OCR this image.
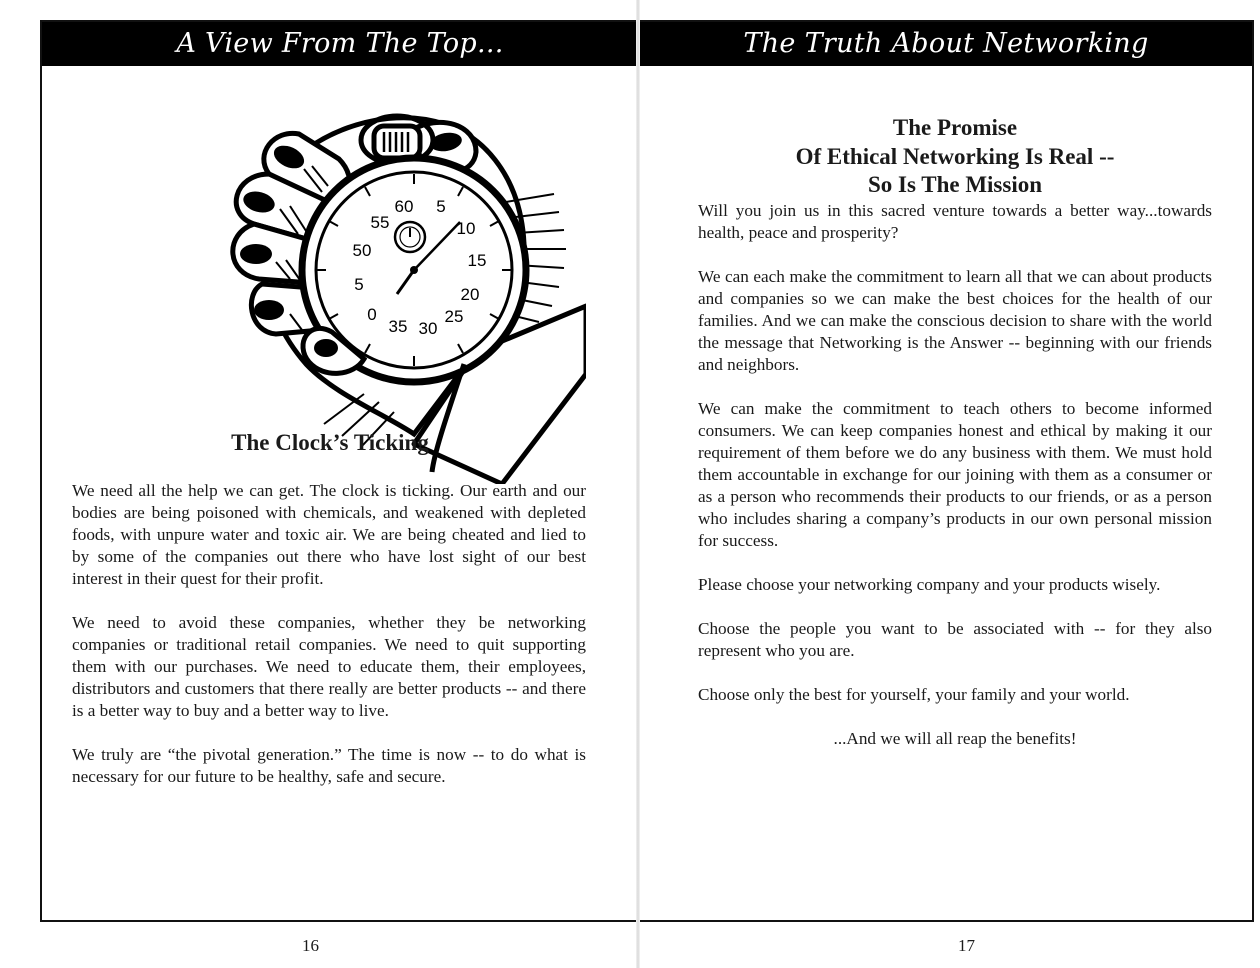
A View From The Top...
60 5
10
15
20
25
30
35
0
5
50
55
The Clock’s Ticking

We need all the help we can get. The clock is ticking. Our earth and our bodies are being poisoned with chemicals, and weakened with depleted foods, with unpure water and toxic air. We are being cheated and lied to by some of the companies out there who have lost sight of our best interest in their quest for their profit.

We need to avoid these companies, whether they be networking companies or traditional retail companies. We need to quit supporting them with our purchases. We need to educate them, their employees, distributors and customers that there really are better products -- and there is a better way to buy and a better way to live.

We truly are “the pivotal generation.” The time is now -- to do what is necessary for our future to be healthy, safe and secure.

16
The Truth About Networking
The Promise
Of Ethical Networking Is Real --
So Is The Mission

Will you join us in this sacred venture towards a better way...towards health, peace and prosperity?

We can each make the commitment to learn all that we can about products and companies so we can make the best choices for the health of our families. And we can make the conscious decision to share with the world the message that Networking is the Answer -- beginning with our friends and neighbors.

We can make the commitment to teach others to become informed consumers. We can keep companies honest and ethical by making it our requirement of them before we do any business with them. We must hold them accountable in exchange for our joining with them as a consumer or as a person who recommends their products to our friends, or as a person who includes sharing a company’s products in our own personal mission for success.

Please choose your networking company and your products wisely.

Choose the people you want to be associated with -- for they also represent who you are.

Choose only the best for yourself, your family and your world.

...And we will all reap the benefits!

17
